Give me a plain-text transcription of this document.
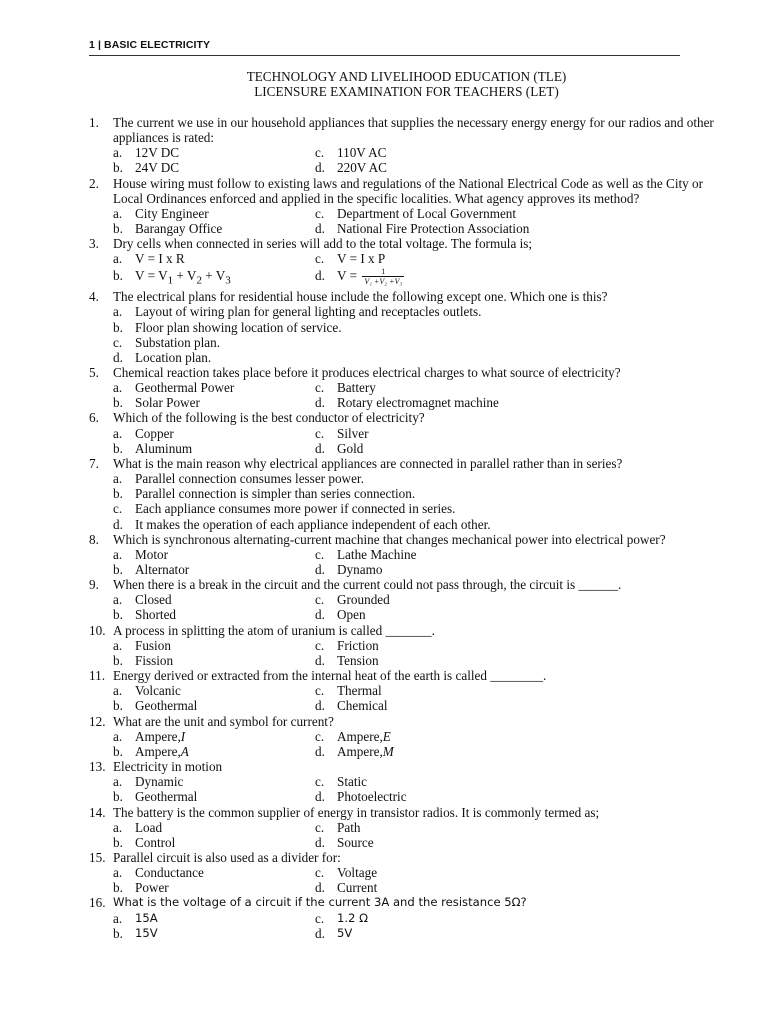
1 | BASIC ELECTRICITY
TECHNOLOGY AND LIVELIHOOD EDUCATION (TLE)
LICENSURE EXAMINATION FOR TEACHERS (LET)
1.	The current we use in our household appliances that supplies the necessary energy energy for our radios and other appliances is rated:
a. 12V DC	c. 110V AC
b. 24V DC	d. 220V AC
2.	House wiring must follow to existing laws and regulations of the National Electrical Code as well as the City or Local Ordinances enforced and applied in the specific localities. What agency approves its method?
a. City Engineer	c. Department of Local Government
b. Barangay Office	d. National Fire Protection Association
3.	Dry cells when connected in series will add to the total voltage. The formula is;
a. V = I x R	c. V = I x P
b. $V = V_1 + V_2 + V_3$	d. $V = \frac{1}{\text{V₁ +V₂ +V₃}}$
4.	The electrical plans for residential house include the following except one. Which one is this?
a. Layout of wiring plan for general lighting and receptacles outlets.
b. Floor plan showing location of service.
c. Substation plan.
d. Location plan.
5.	Chemical reaction takes place before it produces electrical charges to what source of electricity?
a. Geothermal Power	c. Battery
b. Solar Power	d. Rotary electromagnet machine
6.	Which of the following is the best conductor of electricity?
a. Copper	c. Silver
b. Aluminum	d. Gold
7.	What is the main reason why electrical appliances are connected in parallel rather than in series?
a. Parallel connection consumes lesser power.
b. Parallel connection is simpler than series connection.
c. Each appliance consumes more power if connected in series.
d. It makes the operation of each appliance independent of each other.
8.	Which is synchronous alternating-current machine that changes mechanical power into electrical power?
a. Motor	c. Lathe Machine
b. Alternator	d. Dynamo
9.	When there is a break in the circuit and the current could not pass through, the circuit is ______.
a. Closed	c. Grounded
b. Shorted	d. Open
10. A process in splitting the atom of uranium is called _______.
a. Fusion	c. Friction
b. Fission	d. Tension
11. Energy derived or extracted from the internal heat of the earth is called ________.
a. Volcanic	c. Thermal
b. Geothermal	d. Chemical
12. What are the unit and symbol for current?
a. Ampere, I	c. Ampere, E
b. Ampere, A	d. Ampere, M
13. Electricity in motion
a. Dynamic	c. Static
b. Geothermal	d. Photoelectric
14. The battery is the common supplier of energy in transistor radios. It is commonly termed as;
a. Load	c. Path
b. Control	d. Source
15. Parallel circuit is also used as a divider for:
a. Conductance	c. Voltage
b. Power	d. Current
16. What is the voltage of a circuit if the current 3A and the resistance 5Ω?
a.	15A	c.	1.2 Ω
b.	15V	d.	5V
